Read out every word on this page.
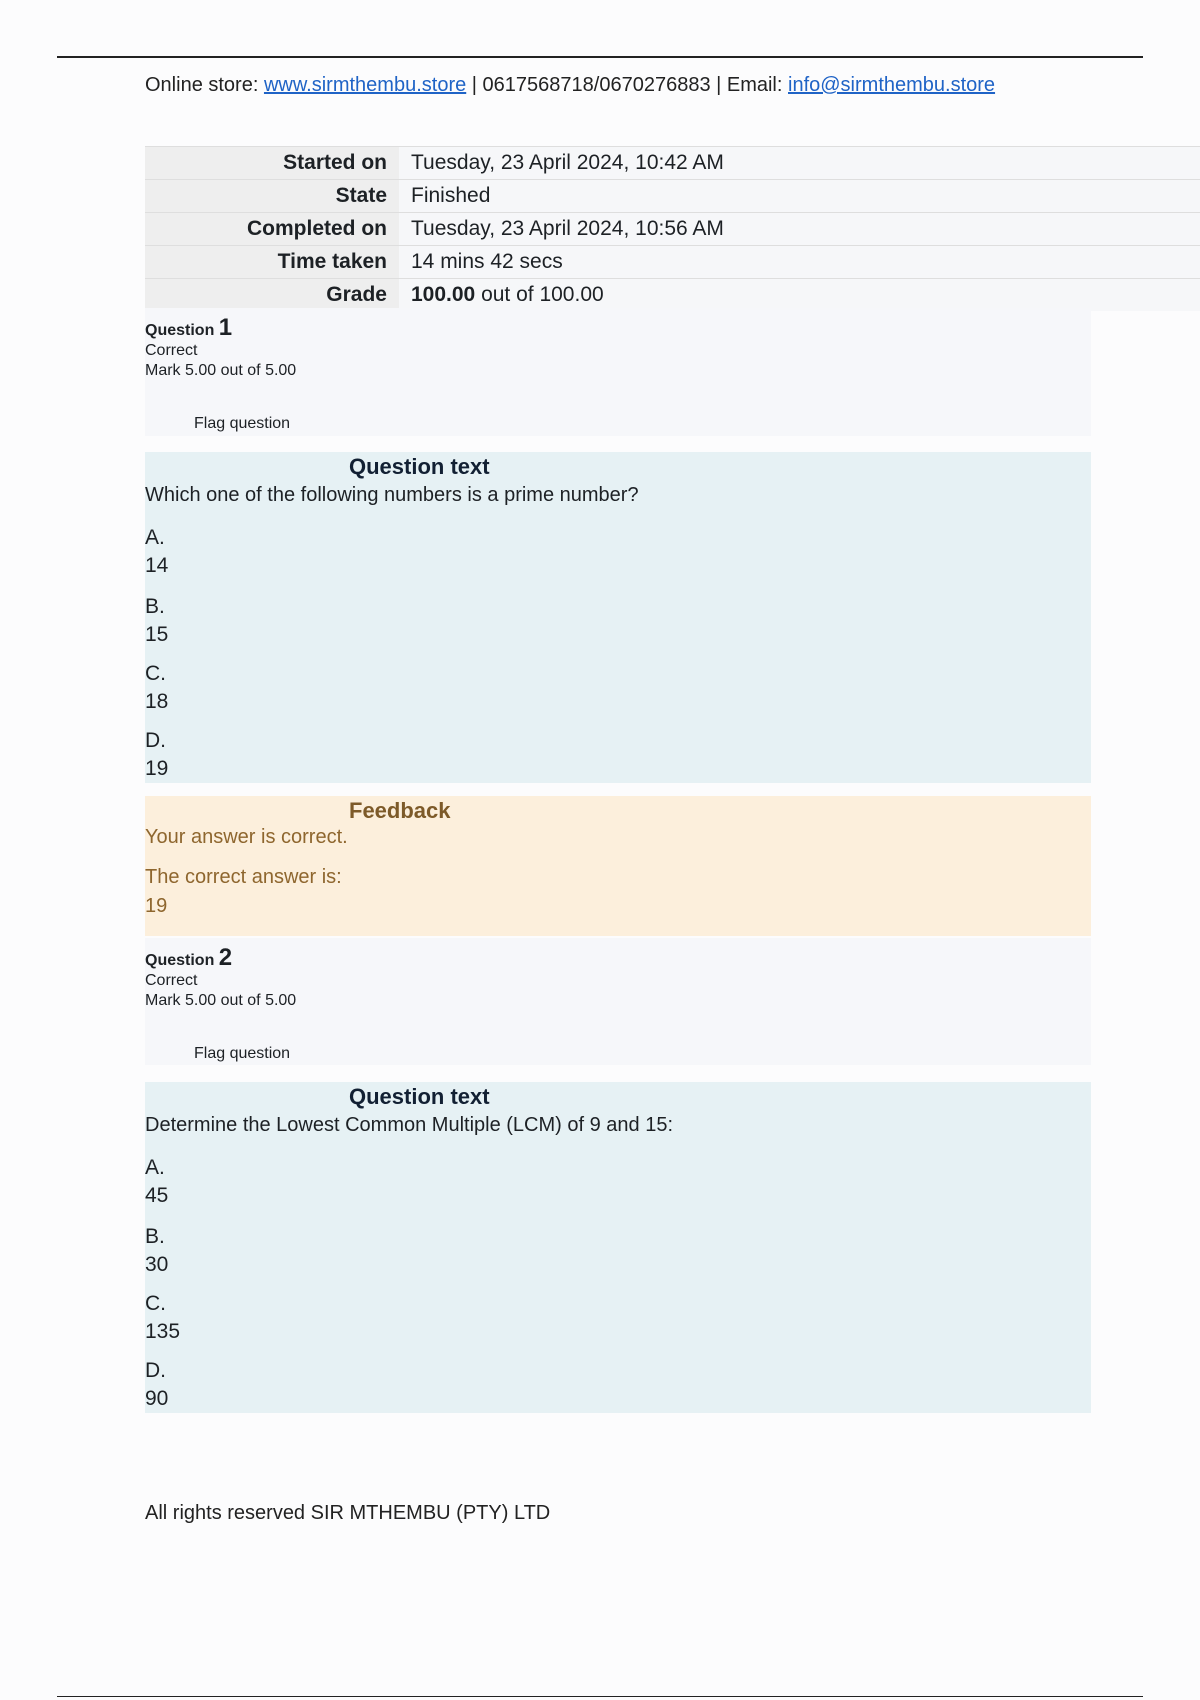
Online store: www.sirmthembu.store | 0617568718/0670276883 | Email: info@sirmthembu.store
Started on	Tuesday, 23 April 2024, 10:42 AM
State	Finished
Completed on	Tuesday, 23 April 2024, 10:56 AM
Time taken	14 mins 42 secs
Grade	100.00 out of 100.00
Question 1
Correct
Mark 5.00 out of 5.00
Flag question
Question text
Which one of the following numbers is a prime number?
A.
14
B.
15
C.
18
D.
19
Feedback
Your answer is correct.
The correct answer is:
19
Question 2
Correct
Mark 5.00 out of 5.00
Flag question
Question text
Determine the Lowest Common Multiple (LCM) of 9 and 15:
A.
45
B.
30
C.
135
D.
90
All rights reserved SIR MTHEMBU (PTY) LTD
